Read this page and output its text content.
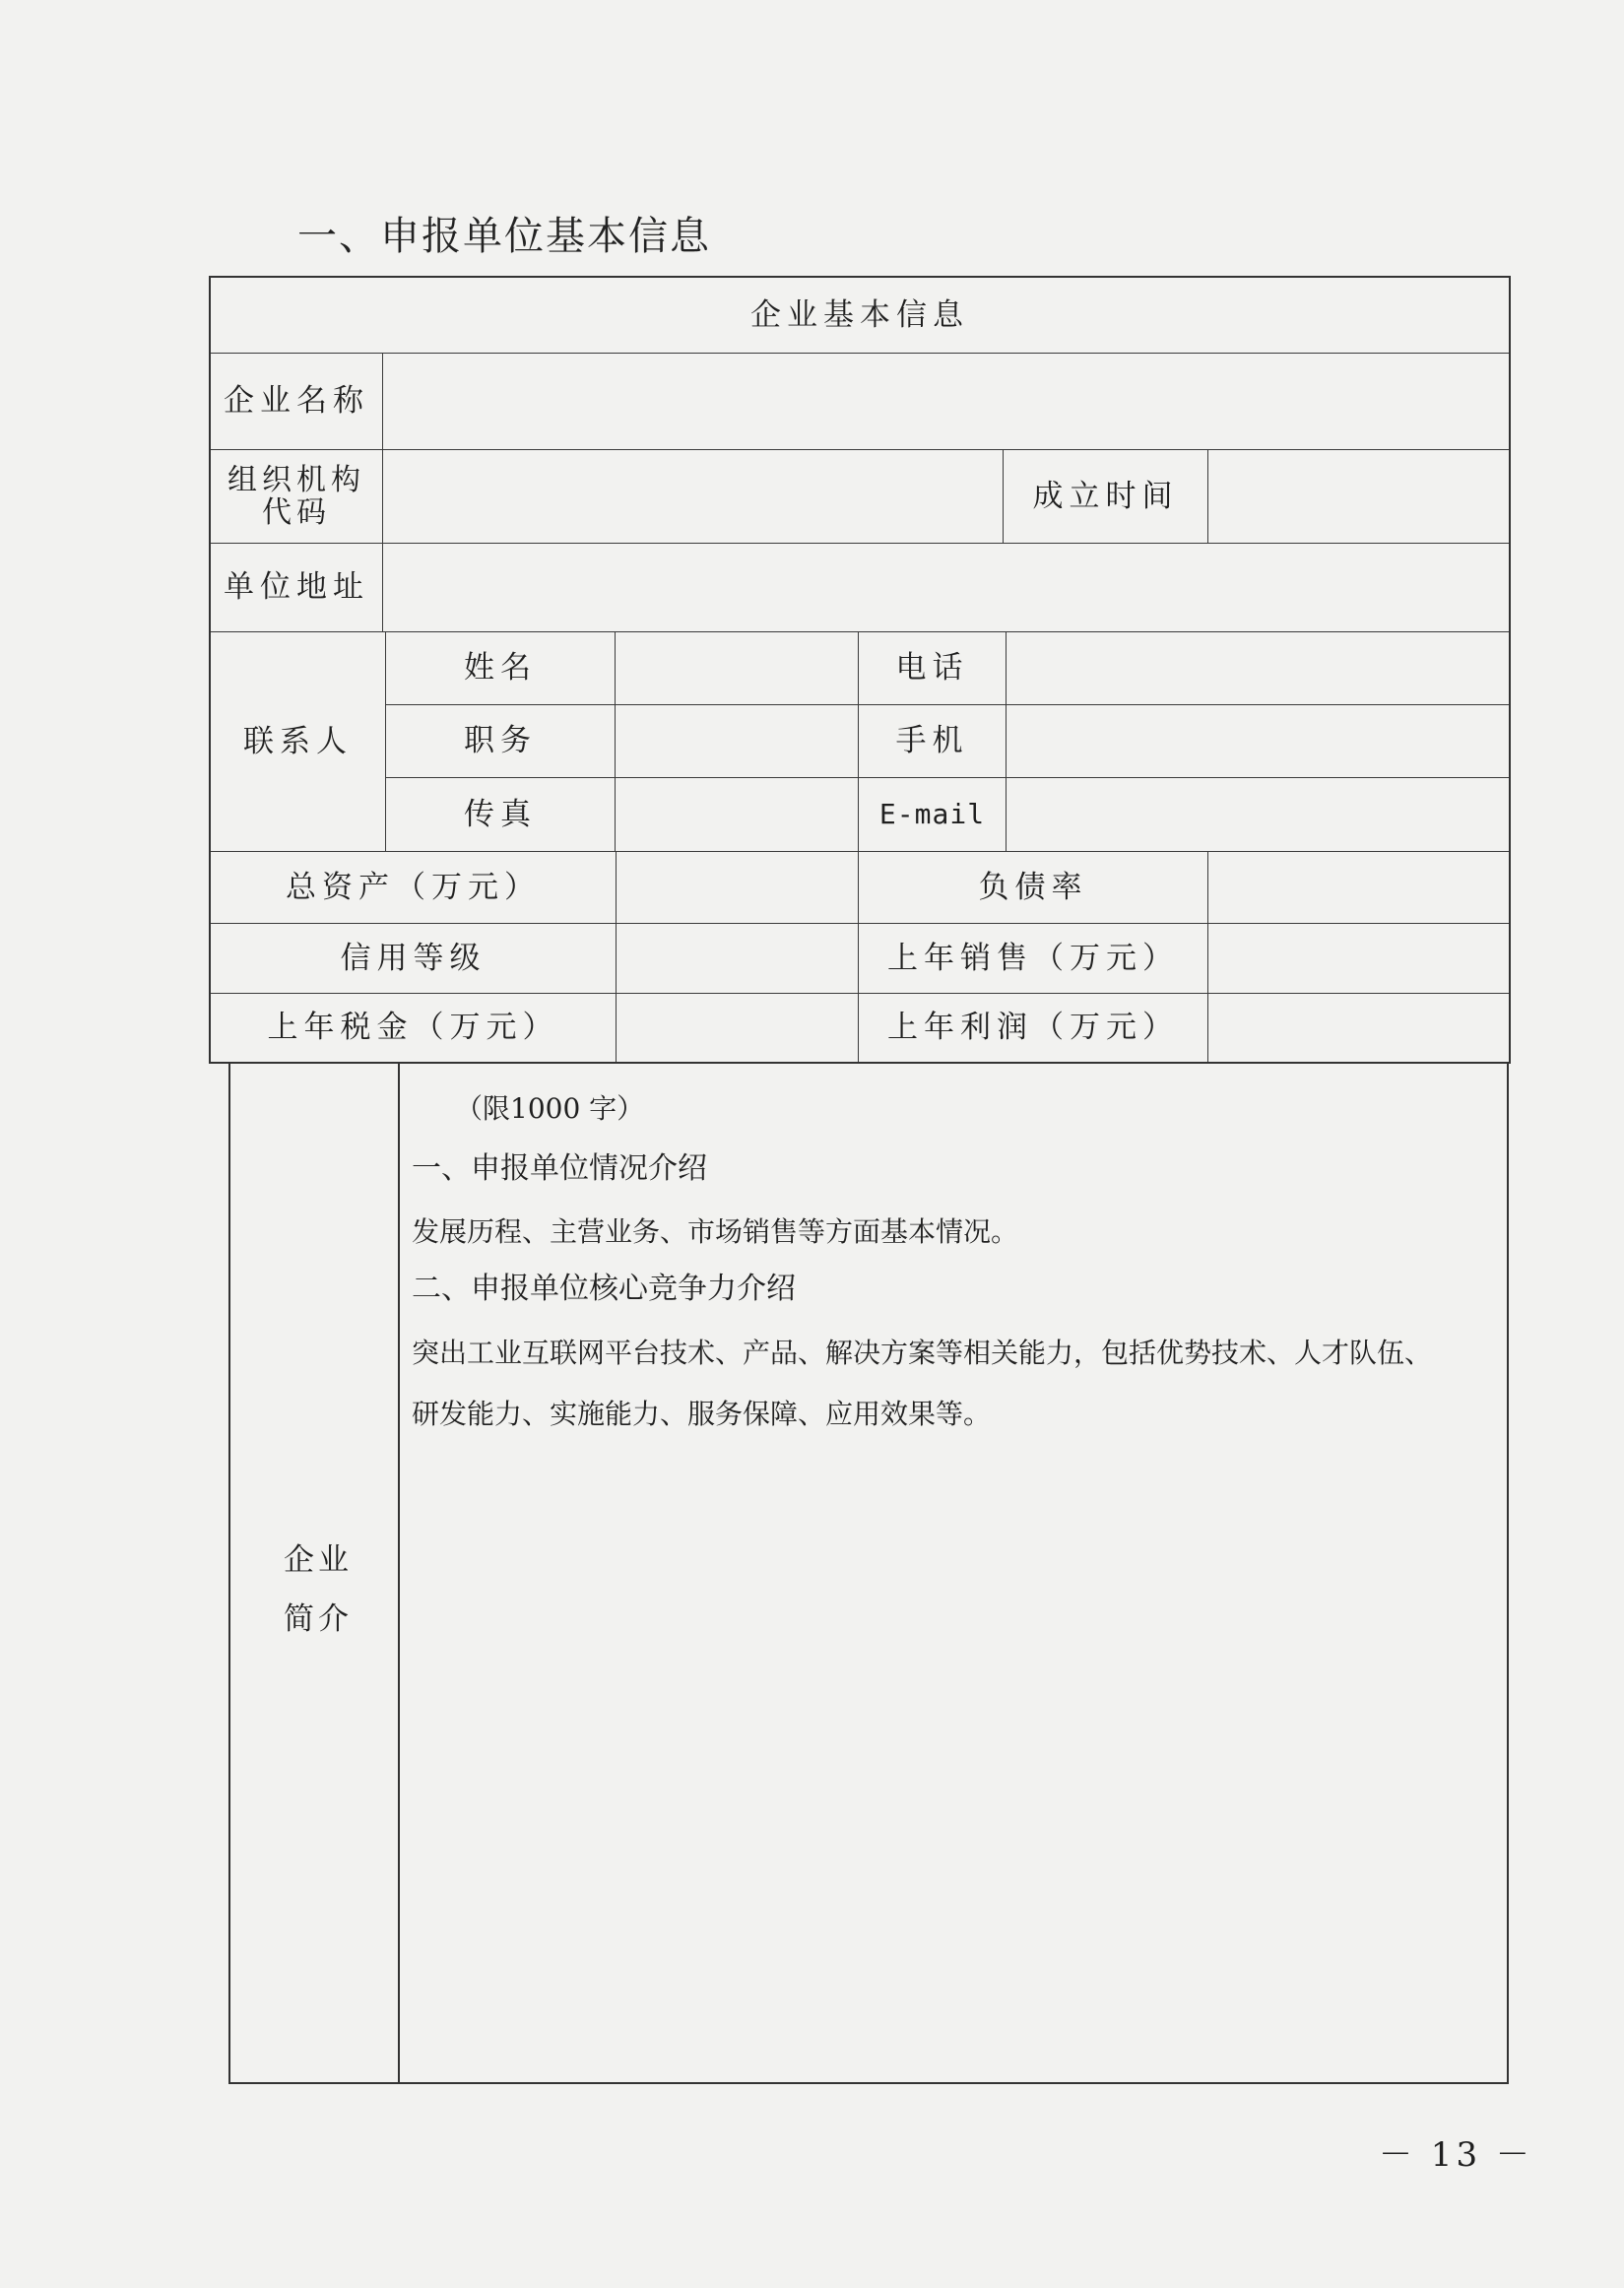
一、申报单位基本信息
企业基本信息
企业名称
组织机构代码	成立时间
单位地址
联系人
姓名	电话
职务	手机
传真	E-mail
总资产（万元）	负债率
信用等级	上年销售（万元）
上年税金（万元）	上年利润（万元）
企业
简介
（限1000 字）
一、申报单位情况介绍
发展历程、主营业务、市场销售等方面基本情况。
二、申报单位核心竞争力介绍
突出工业互联网平台技术、产品、解决方案等相关能力，包括优势技术、人才队伍、
研发能力、实施能力、服务保障、应用效果等。
－ 13 －
